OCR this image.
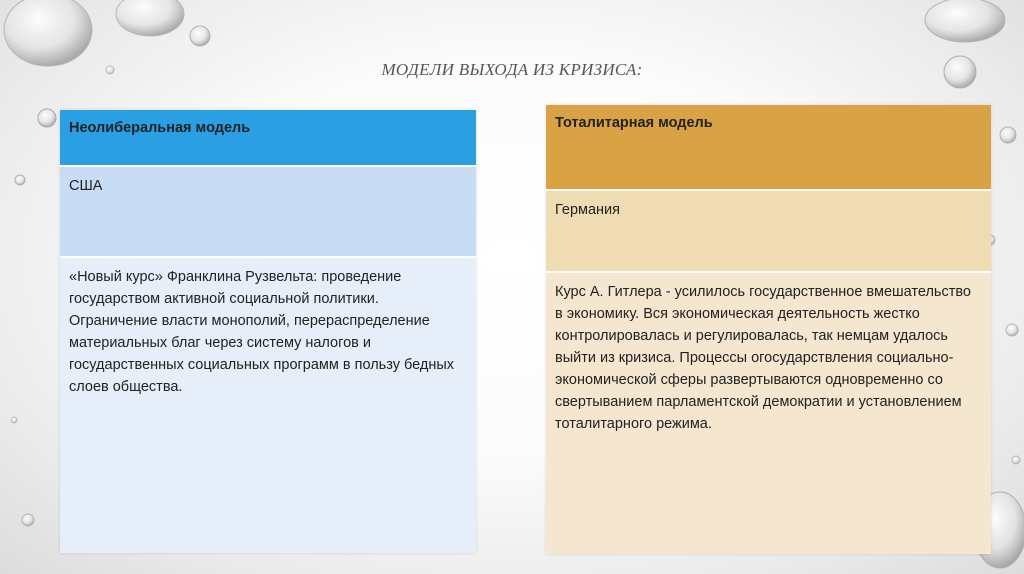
МОДЕЛИ ВЫХОДА ИЗ КРИЗИСА:
Неолиберальная модель
США
«Новый курс» Франклина Рузвельта: проведение государством активной социальной политики. Ограничение власти монополий, перераспределение материальных благ через систему налогов и государственных социальных программ в пользу бедных слоев общества.
Тоталитарная модель
Германия
Курс А. Гитлера - усилилось государственное вмешательство в экономику. Вся экономическая деятельность жестко контролировалась и регулировалась, так немцам удалось выйти из кризиса. Процессы огосударствления социально-экономической сферы развертываются одновременно со свертыванием парламентской демократии и установлением тоталитарного режима.
